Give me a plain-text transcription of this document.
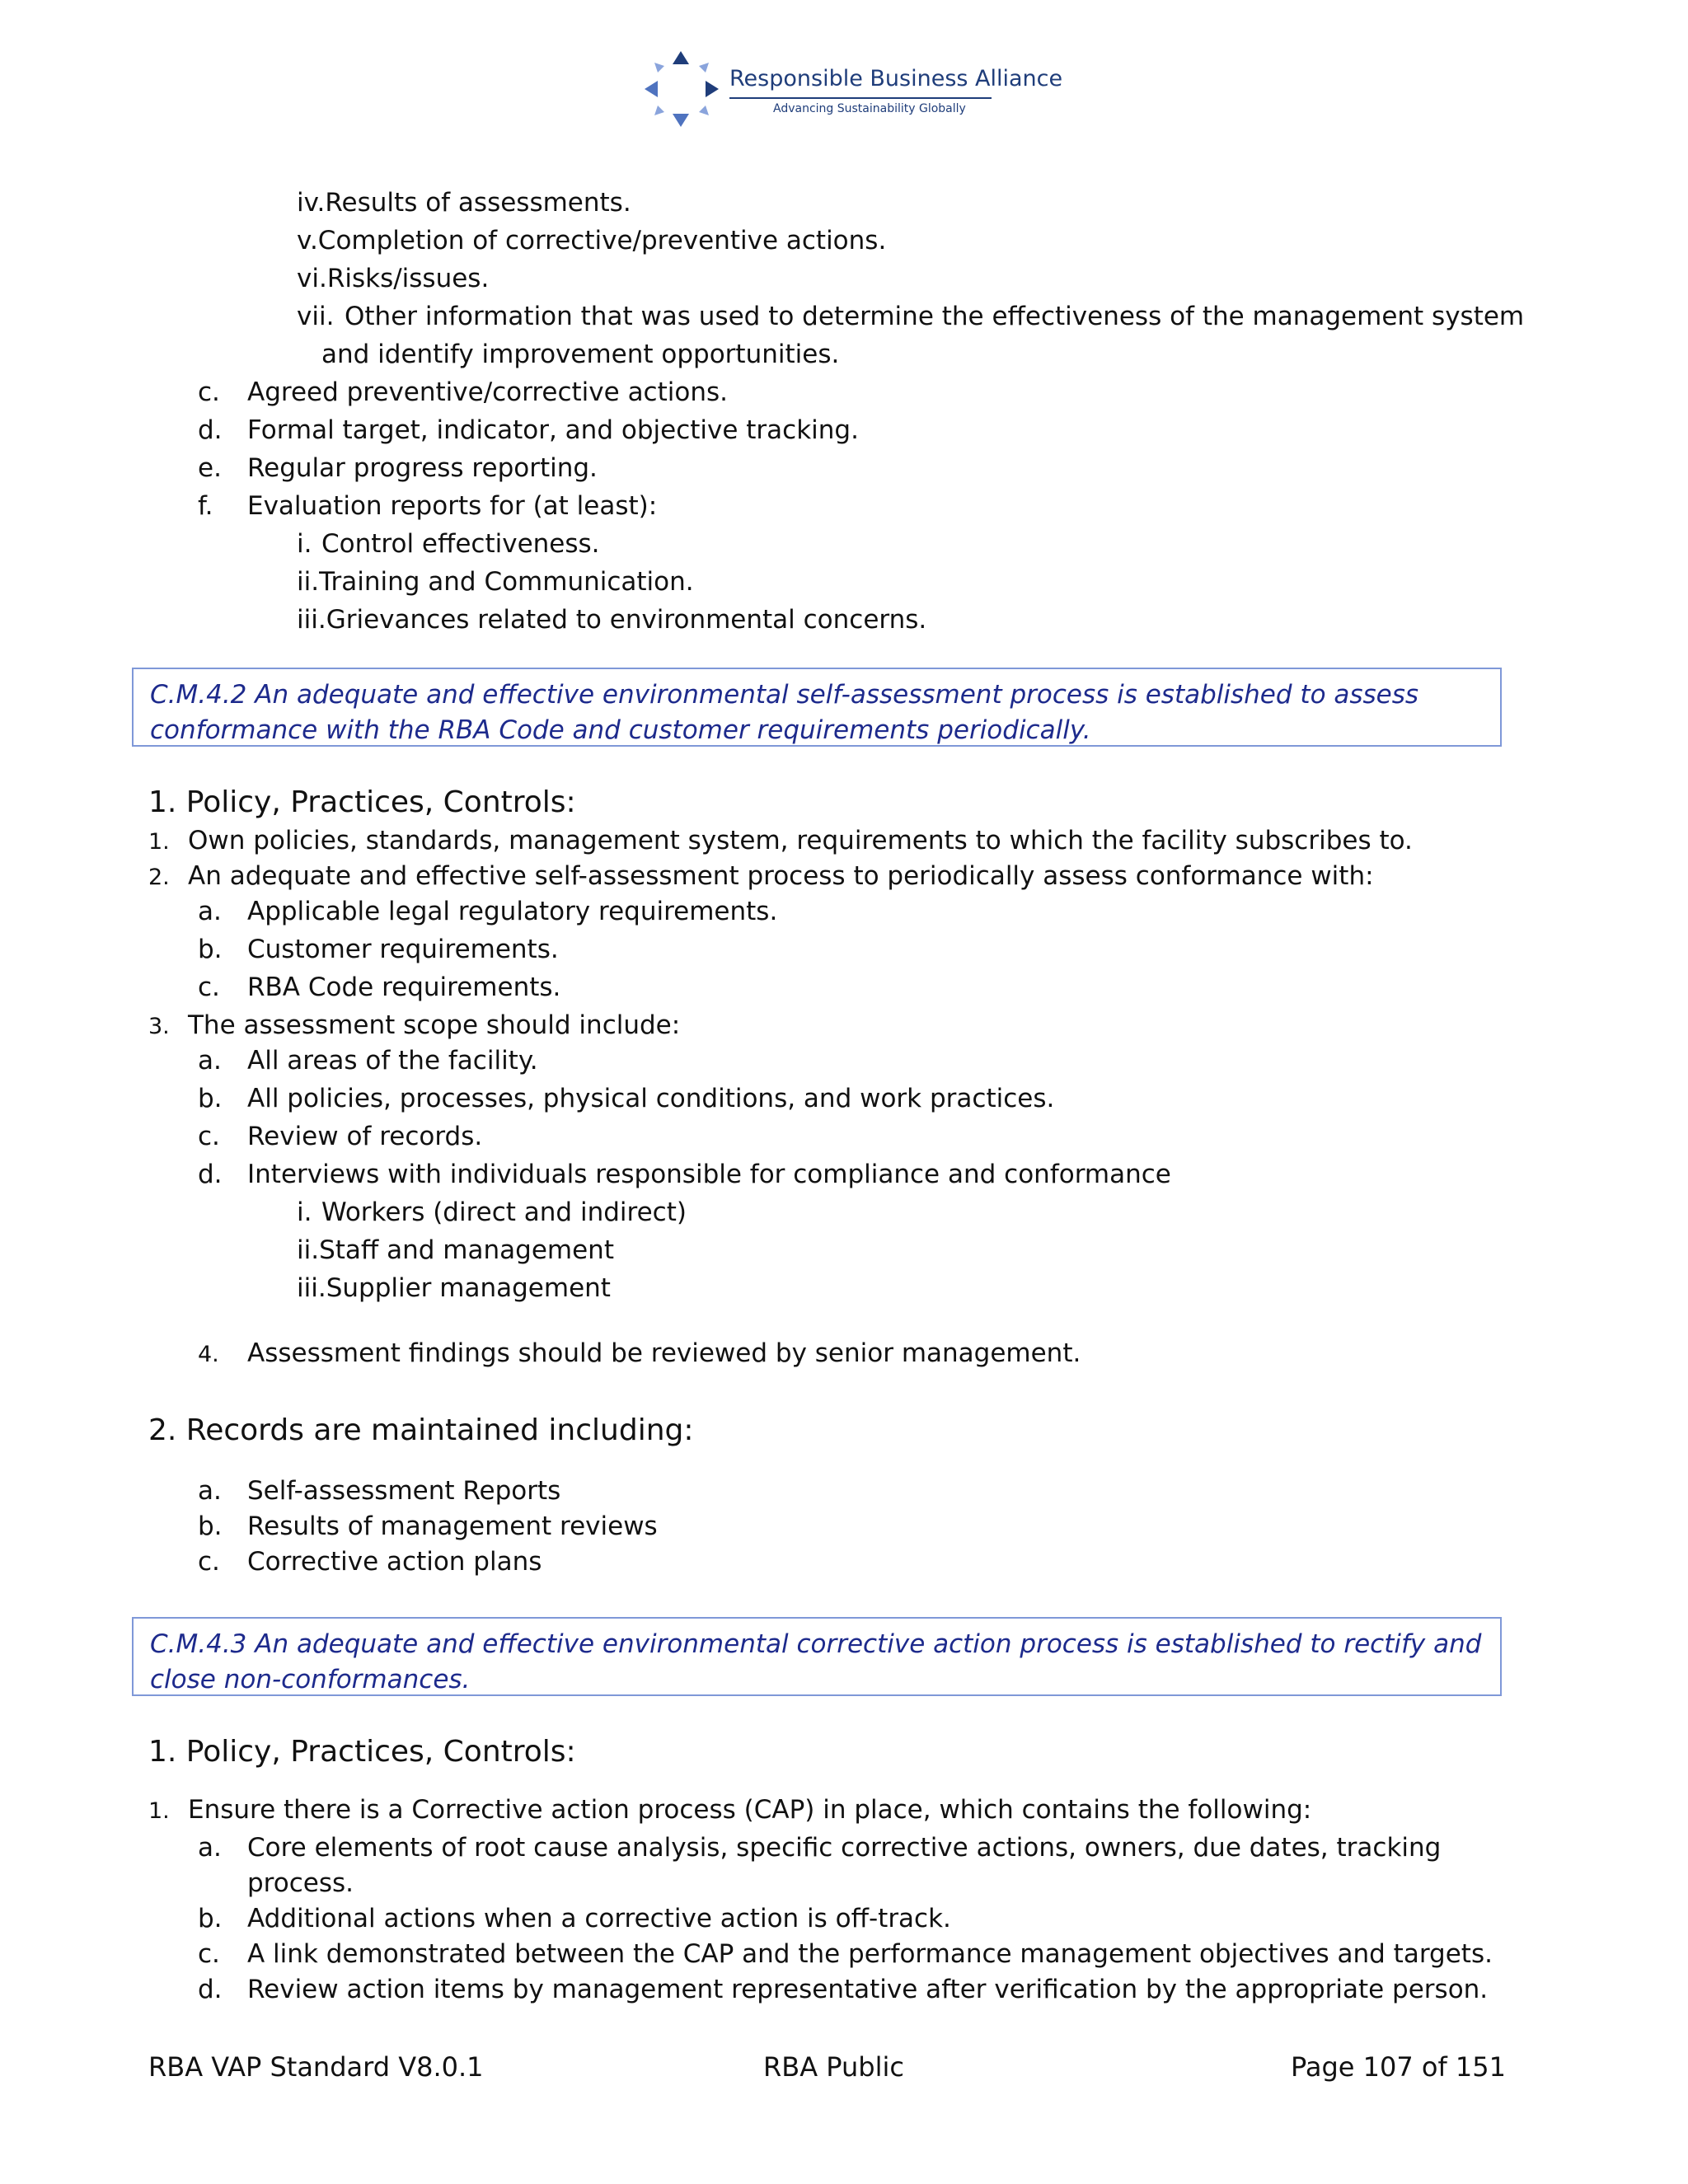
Responsible Business Alliance
Advancing Sustainability Globally
iv.Results of assessments.
v.Completion of corrective/preventive actions.
vi.Risks/issues.
vii. Other information that was used to determine the effectiveness of the management system
and identify improvement opportunities.
c. Agreed preventive/corrective actions.
d. Formal target, indicator, and objective tracking.
e. Regular progress reporting.
f. Evaluation reports for (at least):
i. Control effectiveness.
ii.Training and Communication.
iii.Grievances related to environmental concerns.
C.M.4.2 An adequate and effective environmental self-assessment process is established to assess
conformance with the RBA Code and customer requirements periodically.
1. Policy, Practices, Controls:
1. Own policies, standards, management system, requirements to which the facility subscribes to.
2. An adequate and effective self-assessment process to periodically assess conformance with:
a. Applicable legal regulatory requirements.
b. Customer requirements.
c. RBA Code requirements.
3. The assessment scope should include:
a. All areas of the facility.
b. All policies, processes, physical conditions, and work practices.
c. Review of records.
d. Interviews with individuals responsible for compliance and conformance
i. Workers (direct and indirect)
ii.Staff and management
iii.Supplier management
4. Assessment findings should be reviewed by senior management.
2. Records are maintained including:
a. Self-assessment Reports
b. Results of management reviews
c. Corrective action plans
C.M.4.3 An adequate and effective environmental corrective action process is established to rectify and
close non-conformances.
1. Policy, Practices, Controls:
1. Ensure there is a Corrective action process (CAP) in place, which contains the following:
a. Core elements of root cause analysis, specific corrective actions, owners, due dates, tracking
process.
b. Additional actions when a corrective action is off-track.
c. A link demonstrated between the CAP and the performance management objectives and targets.
d. Review action items by management representative after verification by the appropriate person.
RBA VAP Standard V8.0.1	RBA Public	Page 107 of 151
